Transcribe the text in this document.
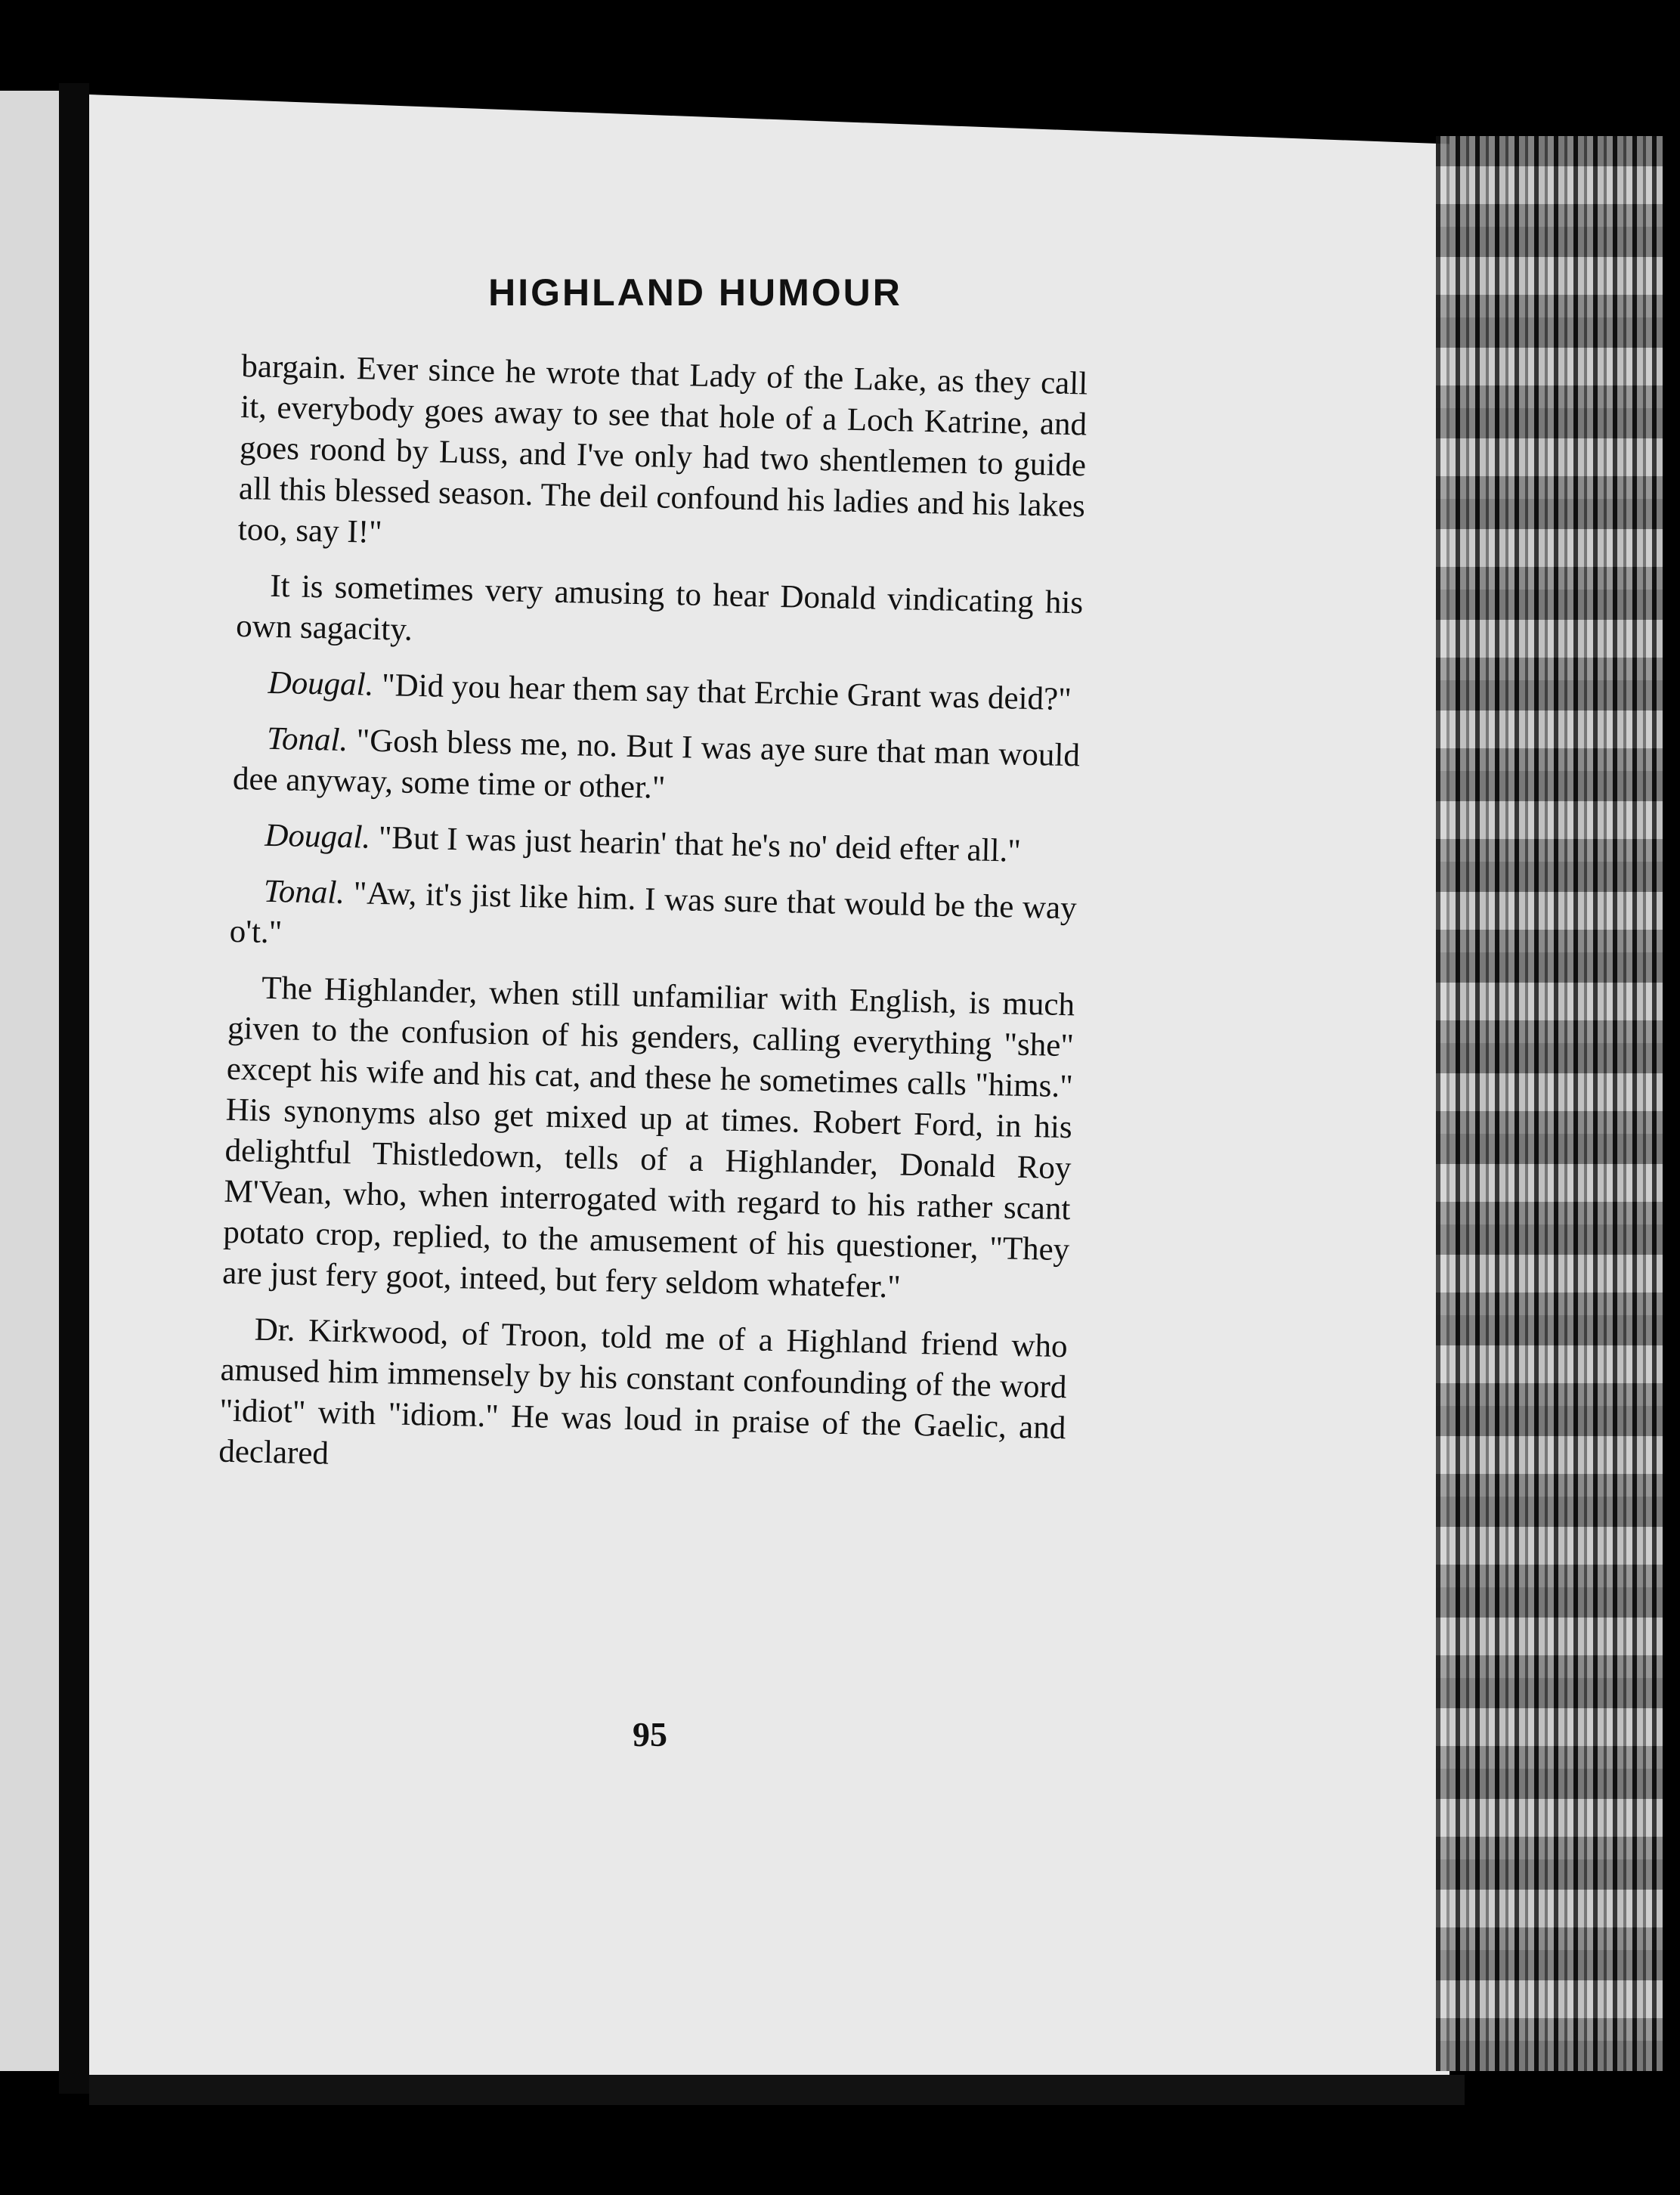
HIGHLAND HUMOUR

bargain. Ever since he wrote that Lady of the Lake, as they call it, everybody goes away to see that hole of a Loch Katrine, and goes roond by Luss, and I've only had two shentlemen to guide all this blessed season. The deil confound his ladies and his lakes too, say I!"

It is sometimes very amusing to hear Donald vindicating his own sagacity.

Dougal. "Did you hear them say that Erchie Grant was deid?"

Tonal. "Gosh bless me, no. But I was aye sure that man would dee anyway, some time or other."

Dougal. "But I was just hearin' that he's no' deid efter all."

Tonal. "Aw, it's jist like him. I was sure that would be the way o't."

The Highlander, when still unfamiliar with English, is much given to the confusion of his genders, calling everything "she" except his wife and his cat, and these he sometimes calls "hims." His synonyms also get mixed up at times. Robert Ford, in his delightful Thistledown, tells of a Highlander, Donald Roy M'Vean, who, when interrogated with regard to his rather scant potato crop, replied, to the amusement of his questioner, "They are just fery goot, inteed, but fery seldom whatefer."

Dr. Kirkwood, of Troon, told me of a Highland friend who amused him immensely by his constant confounding of the word "idiot" with "idiom." He was loud in praise of the Gaelic, and declared

95
